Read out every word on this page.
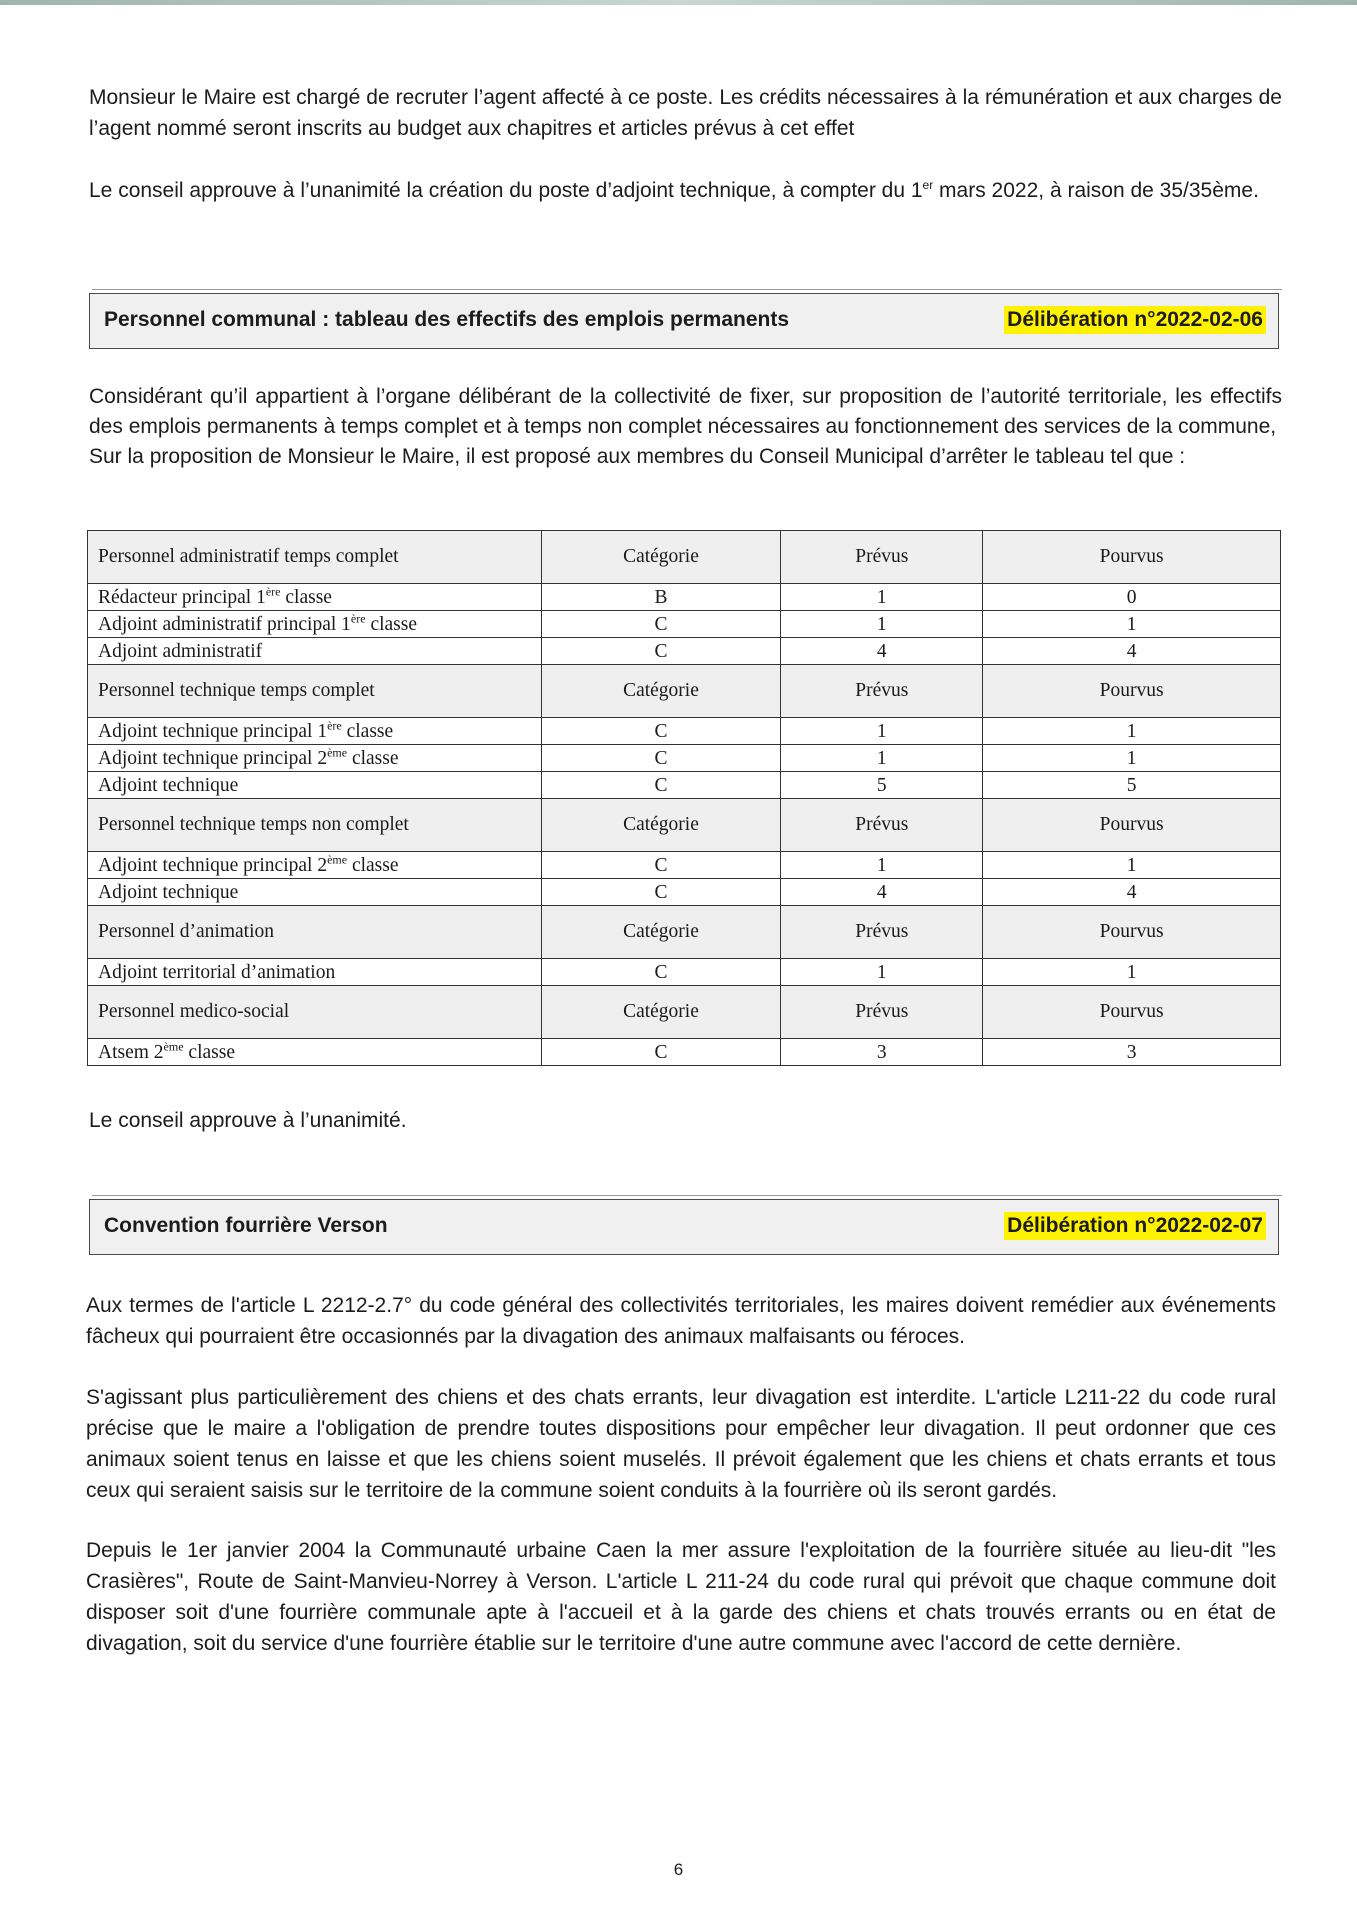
Monsieur le Maire est chargé de recruter l’agent affecté à ce poste. Les crédits nécessaires à la rémunération et aux charges de l’agent nommé seront inscrits au budget aux chapitres et articles prévus à cet effet

Le conseil approuve à l’unanimité la création du poste d’adjoint technique, à compter du 1er mars 2022, à raison de 35/35ème.

Personnel communal : tableau des effectifs des emplois permanents	Délibération n°2022-02-06

Considérant qu’il appartient à l’organe délibérant de la collectivité de fixer, sur proposition de l’autorité territoriale, les effectifs des emplois permanents à temps complet et à temps non complet nécessaires au fonctionnement des services de la commune,
Sur la proposition de Monsieur le Maire, il est proposé aux membres du Conseil Municipal d’arrêter le tableau tel que :

Personnel administratif temps complet	Catégorie	Prévus	Pourvus
Rédacteur principal 1ère classe	B	1	0
Adjoint administratif principal 1ère classe	C	1	1
Adjoint administratif	C	4	4
Personnel technique temps complet	Catégorie	Prévus	Pourvus
Adjoint technique principal 1ère classe	C	1	1
Adjoint technique principal 2ème classe	C	1	1
Adjoint technique	C	5	5
Personnel technique temps non complet	Catégorie	Prévus	Pourvus
Adjoint technique principal 2ème classe	C	1	1
Adjoint technique	C	4	4
Personnel d’animation	Catégorie	Prévus	Pourvus
Adjoint territorial d’animation	C	1	1
Personnel medico-social	Catégorie	Prévus	Pourvus
Atsem 2ème classe	C	3	3

Le conseil approuve à l’unanimité.

Convention fourrière Verson	Délibération n°2022-02-07

Aux termes de l'article L 2212-2.7° du code général des collectivités territoriales, les maires doivent remédier aux événements fâcheux qui pourraient être occasionnés par la divagation des animaux malfaisants ou féroces.

S'agissant plus particulièrement des chiens et des chats errants, leur divagation est interdite. L'article L211-22 du code rural précise que le maire a l'obligation de prendre toutes dispositions pour empêcher leur divagation. Il peut ordonner que ces animaux soient tenus en laisse et que les chiens soient muselés. Il prévoit également que les chiens et chats errants et tous ceux qui seraient saisis sur le territoire de la commune soient conduits à la fourrière où ils seront gardés.

Depuis le 1er janvier 2004 la Communauté urbaine Caen la mer assure l'exploitation de la fourrière située au lieu-dit "les Crasières", Route de Saint-Manvieu-Norrey à Verson. L'article L 211-24 du code rural qui prévoit que chaque commune doit disposer soit d'une fourrière communale apte à l'accueil et à la garde des chiens et chats trouvés errants ou en état de divagation, soit du service d'une fourrière établie sur le territoire d'une autre commune avec l'accord de cette dernière.

6
